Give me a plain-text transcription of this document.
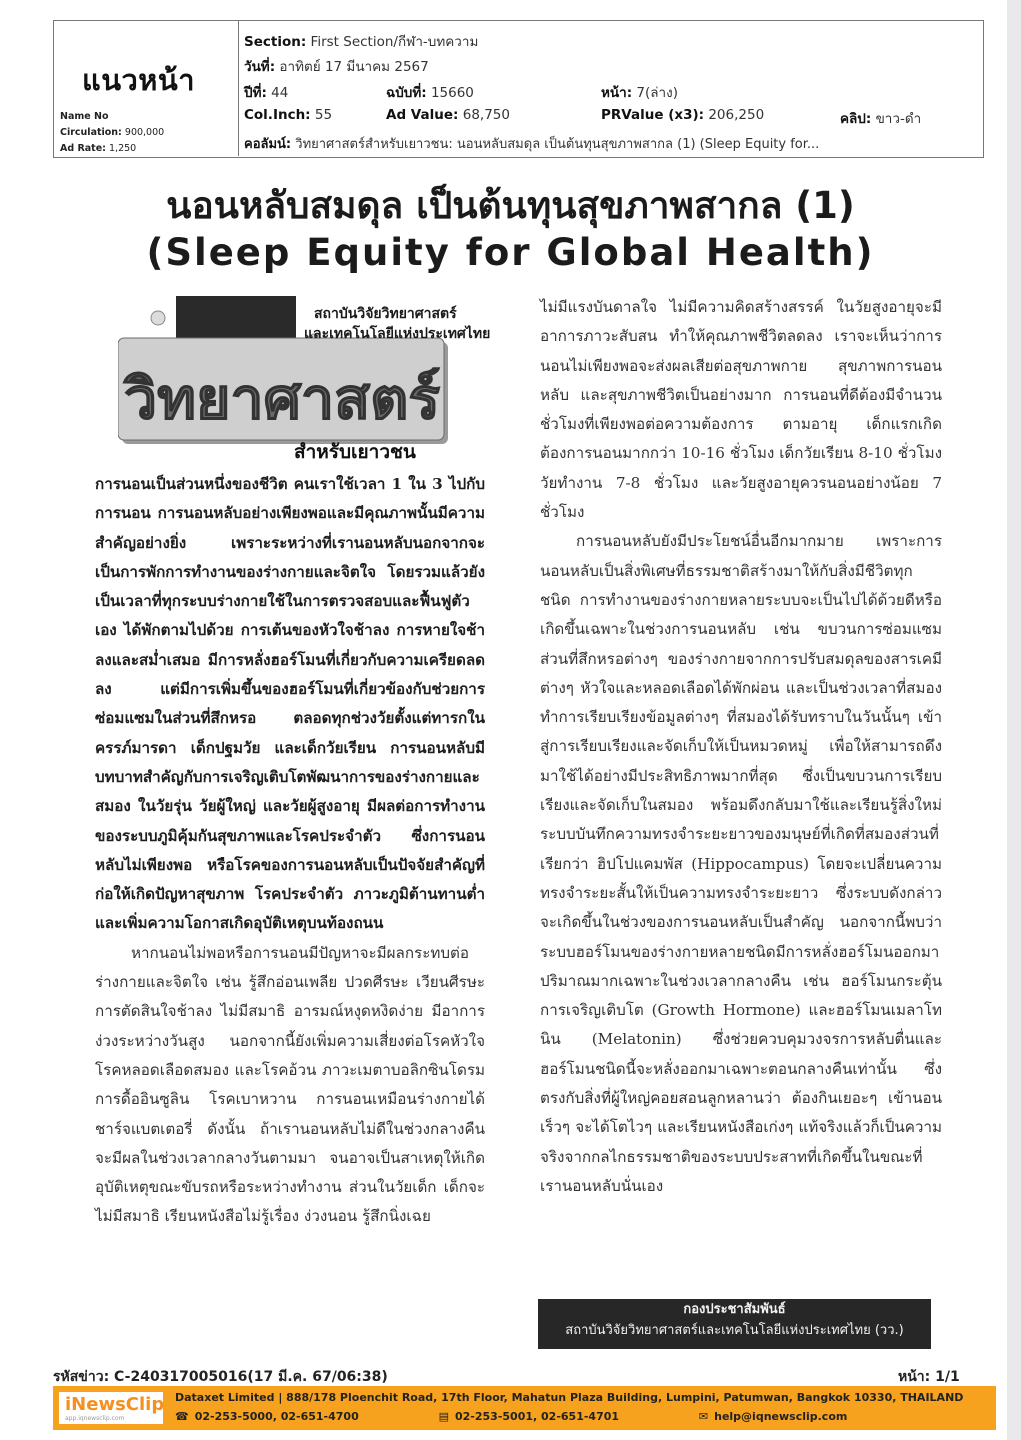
แนวหน้า
Name No
Circulation: 900,000
Ad Rate: 1,250
Section: First Section/กีฬา-บทความ
วันที่: อาทิตย์ 17 มีนาคม 2567
ปีที่: 44	ฉบับที่: 15660	หน้า: 7(ล่าง)
Col.Inch: 55	Ad Value: 68,750	PRValue (x3): 206,250	คลิป: ขาว-ดำ
คอลัมน์: วิทยาศาสตร์สำหรับเยาวชน: นอนหลับสมดุล เป็นต้นทุนสุขภาพสากล (1) (Sleep Equity for...
นอนหลับสมดุล เป็นต้นทุนสุขภาพสากล (1)
(Sleep Equity for Global Health)
สถาบันวิจัยวิทยาศาสตร์
และเทคโนโลยีแห่งประเทศไทย
วิทยาศาสตร์
สำหรับเยาวชน

การนอนเป็นส่วนหนึ่งของชีวิต คนเราใช้เวลา 1 ใน 3 ไปกับการนอน การนอนหลับอย่างเพียงพอและมีคุณภาพนั้นมีความสำคัญอย่างยิ่ง เพราะระหว่างที่เรานอนหลับนอกจากจะเป็นการพักการทำงานของร่างกายและจิตใจ โดยรวมแล้วยังเป็นเวลาที่ทุกระบบร่างกายใช้ในการตรวจสอบและฟื้นฟูตัวเอง ได้พักตามไปด้วย การเต้นของหัวใจช้าลง การหายใจช้าลงและสม่ำเสมอ มีการหลั่งฮอร์โมนที่เกี่ยวกับความเครียดลดลง แต่มีการเพิ่มขึ้นของฮอร์โมนที่เกี่ยวข้องกับช่วยการซ่อมแซมในส่วนที่สึกหรอ ตลอดทุกช่วงวัยตั้งแต่ทารกในครรภ์มารดา เด็กปฐมวัย และเด็กวัยเรียน การนอนหลับมีบทบาทสำคัญกับการเจริญเติบโตพัฒนาการของร่างกายและสมอง ในวัยรุ่น วัยผู้ใหญ่ และวัยผู้สูงอายุ มีผลต่อการทำงานของระบบภูมิคุ้มกันสุขภาพและโรคประจำตัว ซึ่งการนอนหลับไม่เพียงพอ หรือโรคของการนอนหลับเป็นปัจจัยสำคัญที่ก่อให้เกิดปัญหาสุขภาพ โรคประจำตัว ภาวะภูมิต้านทานต่ำ และเพิ่มความโอกาสเกิดอุบัติเหตุบนท้องถนน

หากนอนไม่พอหรือการนอนมีปัญหาจะมีผลกระทบต่อร่างกายและจิตใจ เช่น รู้สึกอ่อนเพลีย ปวดศีรษะ เวียนศีรษะ การตัดสินใจช้าลง ไม่มีสมาธิ อารมณ์หงุดหงิดง่าย มีอาการง่วงระหว่างวันสูง นอกจากนี้ยังเพิ่มความเสี่ยงต่อโรคหัวใจ โรคหลอดเลือดสมอง และโรคอ้วน ภาวะเมตาบอลิกซินโดรม การดื้ออินซูลิน โรคเบาหวาน การนอนเหมือนร่างกายได้ชาร์จแบตเตอรี่ ดังนั้น ถ้าเรานอนหลับไม่ดีในช่วงกลางคืน จะมีผลในช่วงเวลากลางวันตามมา จนอาจเป็นสาเหตุให้เกิดอุบัติเหตุขณะขับรถหรือระหว่างทำงาน ส่วนในวัยเด็ก เด็กจะไม่มีสมาธิ เรียนหนังสือไม่รู้เรื่อง ง่วงนอน รู้สึกนิ่งเฉย

ไม่มีแรงบันดาลใจ ไม่มีความคิดสร้างสรรค์ ในวัยสูงอายุจะมีอาการภาวะสับสน ทำให้คุณภาพชีวิตลดลง เราจะเห็นว่าการนอนไม่เพียงพอจะส่งผลเสียต่อสุขภาพกาย สุขภาพการนอนหลับ และสุขภาพชีวิตเป็นอย่างมาก การนอนที่ดีต้องมีจำนวนชั่วโมงที่เพียงพอต่อความต้องการ ตามอายุ เด็กแรกเกิดต้องการนอนมากกว่า 10-16 ชั่วโมง เด็กวัยเรียน 8-10 ชั่วโมง วัยทำงาน 7-8 ชั่วโมง และวัยสูงอายุควรนอนอย่างน้อย 7 ชั่วโมง

การนอนหลับยังมีประโยชน์อื่นอีกมากมาย เพราะการนอนหลับเป็นสิ่งพิเศษที่ธรรมชาติสร้างมาให้กับสิ่งมีชีวิตทุกชนิด การทำงานของร่างกายหลายระบบจะเป็นไปได้ด้วยดีหรือเกิดขึ้นเฉพาะในช่วงการนอนหลับ เช่น ขบวนการซ่อมแซมส่วนที่สึกหรอต่างๆ ของร่างกายจากการปรับสมดุลของสารเคมีต่างๆ หัวใจและหลอดเลือดได้พักผ่อน และเป็นช่วงเวลาที่สมองทำการเรียบเรียงข้อมูลต่างๆ ที่สมองได้รับทราบในวันนั้นๆ เข้าสู่การเรียบเรียงและจัดเก็บให้เป็นหมวดหมู่ เพื่อให้สามารถดึงมาใช้ได้อย่างมีประสิทธิภาพมากที่สุด ซึ่งเป็นขบวนการเรียบเรียงและจัดเก็บในสมอง พร้อมดึงกลับมาใช้และเรียนรู้สิ่งใหม่ ระบบบันทึกความทรงจำระยะยาวของมนุษย์ที่เกิดที่สมองส่วนที่เรียกว่า ฮิปโปแคมพัส (Hippocampus) โดยจะเปลี่ยนความทรงจำระยะสั้นให้เป็นความทรงจำระยะยาว ซึ่งระบบดังกล่าวจะเกิดขึ้นในช่วงของการนอนหลับเป็นสำคัญ นอกจากนี้พบว่าระบบฮอร์โมนของร่างกายหลายชนิดมีการหลั่งฮอร์โมนออกมาปริมาณมากเฉพาะในช่วงเวลากลางคืน เช่น ฮอร์โมนกระตุ้นการเจริญเติบโต (Growth Hormone) และฮอร์โมนเมลาโทนิน (Melatonin) ซึ่งช่วยควบคุมวงจรการหลับตื่นและฮอร์โมนชนิดนี้จะหลั่งออกมาเฉพาะตอนกลางคืนเท่านั้น ซึ่งตรงกับสิ่งที่ผู้ใหญ่คอยสอนลูกหลานว่า ต้องกินเยอะๆ เข้านอนเร็วๆ จะได้โตไวๆ และเรียนหนังสือเก่งๆ แท้จริงแล้วก็เป็นความจริงจากกลไกธรรมชาติของระบบประสาทที่เกิดขึ้นในขณะที่เรานอนหลับนั่นเอง

กองประชาสัมพันธ์
สถาบันวิจัยวิทยาศาสตร์และเทคโนโลยีแห่งประเทศไทย (วว.)
รหัสข่าว: C-240317005016(17 มี.ค. 67/06:38)	หน้า: 1/1
iNewsClip
app.iqnewsclip.com
Dataxet Limited | 888/178 Ploenchit Road, 17th Floor, Mahatun Plaza Building, Lumpini, Patumwan, Bangkok 10330, THAILAND
☎ 02-253-5000, 02-651-4700	▤ 02-253-5001, 02-651-4701	✉ help@iqnewsclip.com
